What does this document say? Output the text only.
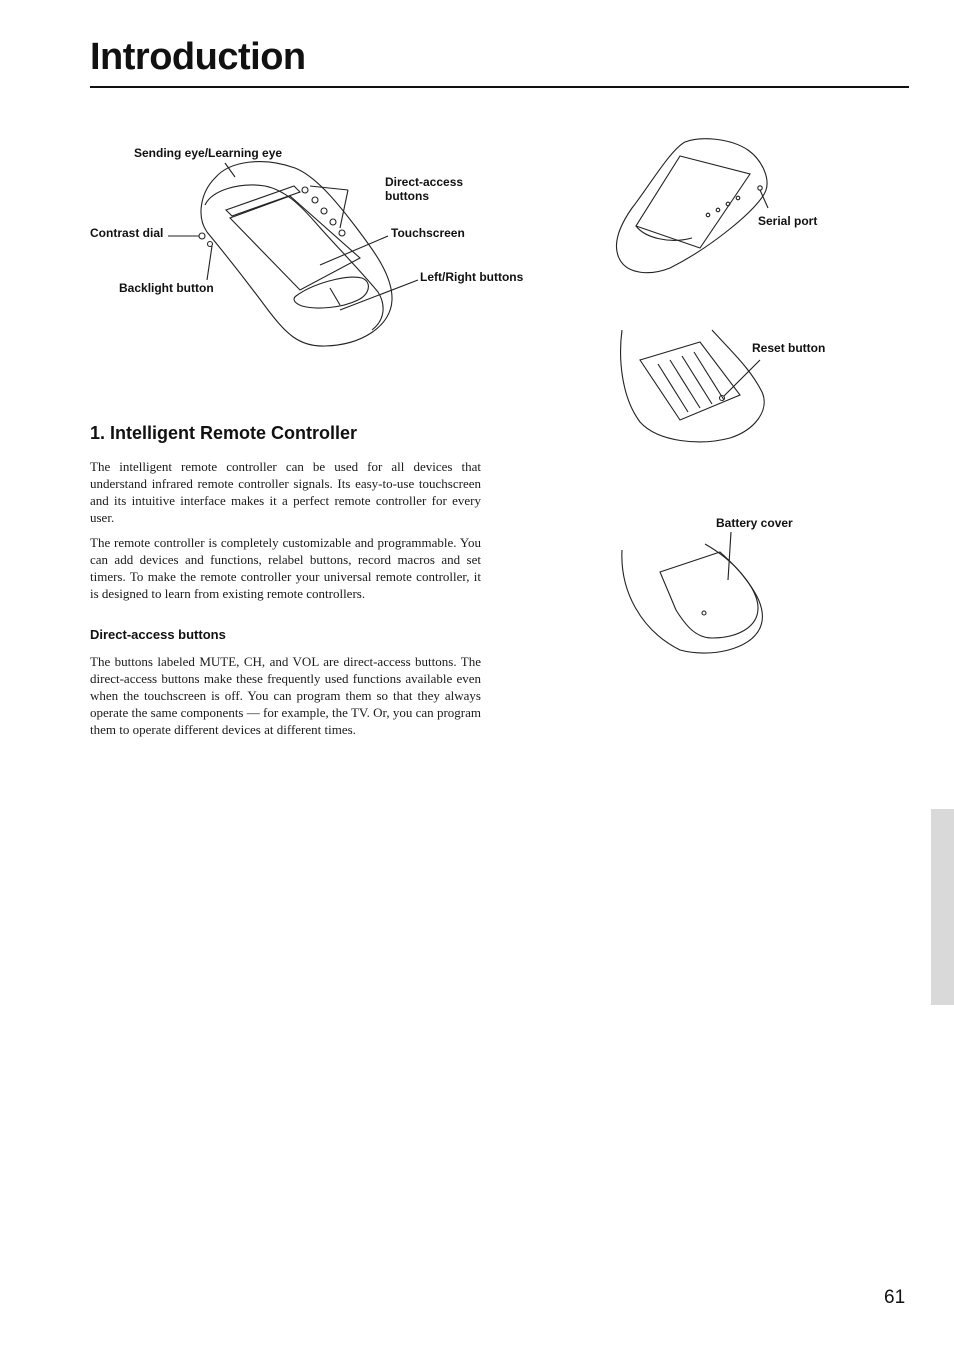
Introduction
Sending eye/Learning eye
Direct-access
buttons
Contrast dial	Touchscreen
Left/Right buttons
Backlight button
Serial port
Reset button
Battery cover
1. Intelligent Remote Controller

The intelligent remote controller can be used for all devices that understand infrared remote controller signals. Its easy-to-use touchscreen and its intuitive interface makes it a perfect remote controller for every user.

The remote controller is completely customizable and programmable. You can add devices and functions, relabel buttons, record macros and set timers. To make the remote controller your universal remote controller, it is designed to learn from existing remote controllers.

Direct-access buttons

The buttons labeled MUTE, CH, and VOL are direct-access buttons. The direct-access buttons make these frequently used functions available even when the touchscreen is off. You can program them so that they always operate the same components — for example, the TV. Or, you can program them to operate different devices at different times.

61
